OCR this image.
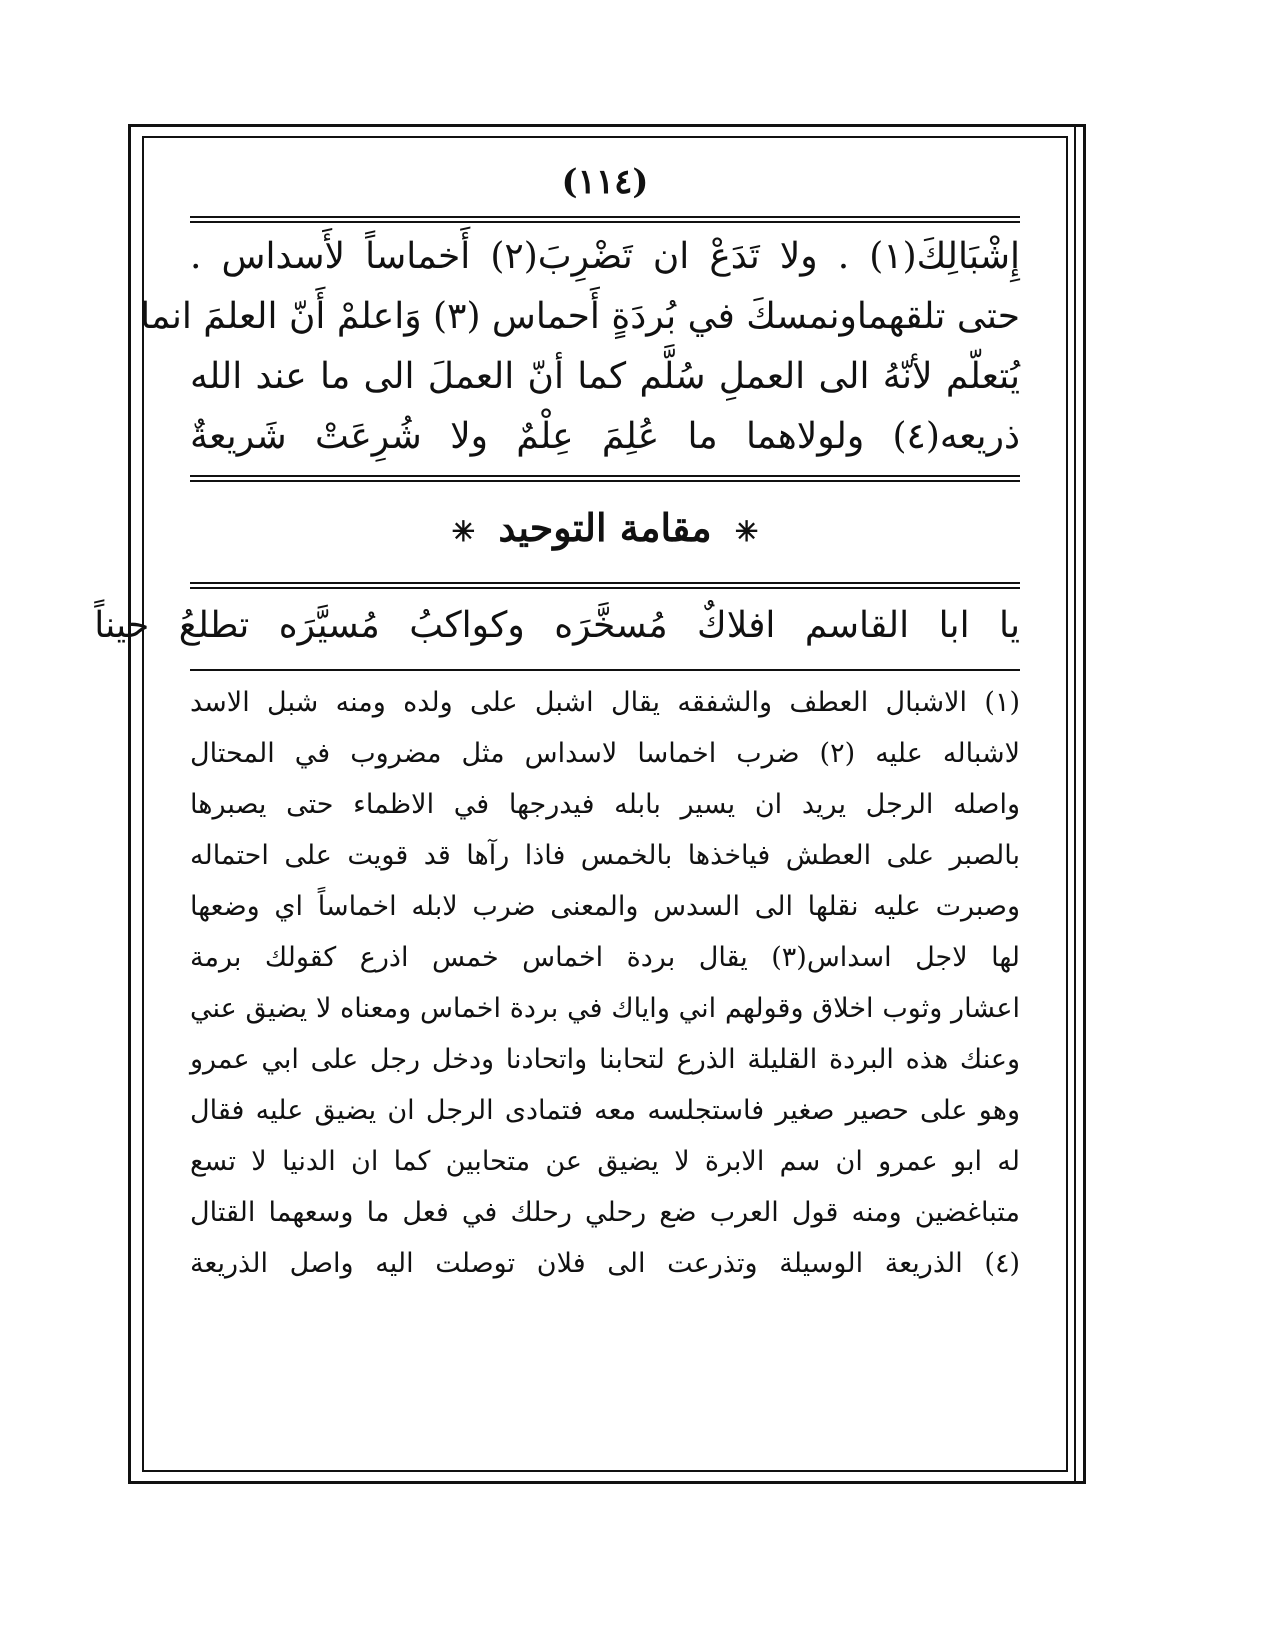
(١١٤)
إِشْبَالِكَ(١) . ولا تَدَعْ ان تَضْرِبَ(٢) أَخماساً لأَسداس .
حتى تلقهماونمسكَ في بُردَةٍ أَحماس (٣) وَاعلمْ أَنّ العلمَ انما
يُتعلّم لأنّهُ الى العملِ سُلَّم كما أنّ العملَ الى ما عند الله
ذريعه(٤) ولولاهما ما عُلِمَ عِلْمٌ ولا شُرِعَتْ شَريعةٌ
✳ مقامة التوحيد ✳
يا ابا القاسم افلاكٌ مُسخَّرَه وكواكبُ مُسيَّرَه تطلعُ حيناً
(١) الاشبال العطف والشفقه يقال اشبل على ولده ومنه شبل الاسد
لاشباله عليه (٢) ضرب اخماسا لاسداس مثل مضروب في المحتال
واصله الرجل يريد ان يسير بابله فيدرجها في الاظماء حتى يصبرها
بالصبر على العطش فياخذها بالخمس فاذا رآها قد قويت على احتماله
وصبرت عليه نقلها الى السدس والمعنى ضرب لابله اخماساً اي وضعها
لها لاجل اسداس(٣) يقال بردة اخماس خمس اذرع كقولك برمة
اعشار وثوب اخلاق وقولهم اني واياك في بردة اخماس ومعناه لا يضيق عني
وعنك هذه البردة القليلة الذرع لتحابنا واتحادنا ودخل رجل على ابي عمرو
وهو على حصير صغير فاستجلسه معه فتمادى الرجل ان يضيق عليه فقال
له ابو عمرو ان سم الابرة لا يضيق عن متحابين كما ان الدنيا لا تسع
متباغضين ومنه قول العرب ضع رحلي رحلك في فعل ما وسعهما القتال
(٤) الذريعة الوسيلة وتذرعت الى فلان توصلت اليه واصل الذريعة
